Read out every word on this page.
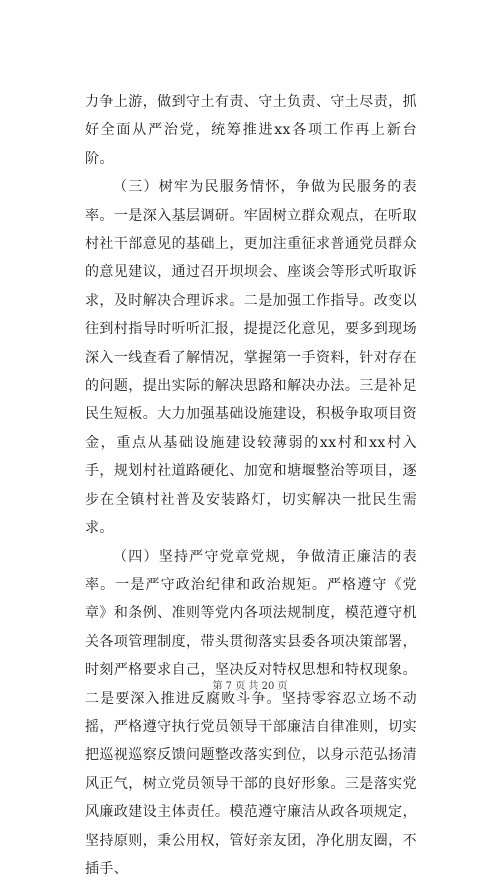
力争上游，做到守土有责、守土负责、守土尽责，抓好全面从严治党，统筹推进xx各项工作再上新台阶。

（三）树牢为民服务情怀，争做为民服务的表率。一是深入基层调研。牢固树立群众观点，在听取村社干部意见的基础上，更加注重征求普通党员群众的意见建议，通过召开坝坝会、座谈会等形式听取诉求，及时解决合理诉求。二是加强工作指导。改变以往到村指导时听听汇报，提提泛化意见，要多到现场深入一线查看了解情况，掌握第一手资料，针对存在的问题，提出实际的解决思路和解决办法。三是补足民生短板。大力加强基础设施建设，积极争取项目资金，重点从基础设施建设较薄弱的xx村和xx村入手，规划村社道路硬化、加宽和塘堰整治等项目，逐步在全镇村社普及安装路灯，切实解决一批民生需求。

（四）坚持严守党章党规，争做清正廉洁的表率。一是严守政治纪律和政治规矩。严格遵守《党章》和条例、准则等党内各项法规制度，模范遵守机关各项管理制度，带头贯彻落实县委各项决策部署，时刻严格要求自己，坚决反对特权思想和特权现象。二是要深入推进反腐败斗争。坚持零容忍立场不动摇，严格遵守执行党员领导干部廉洁自律准则，切实把巡视巡察反馈问题整改落实到位，以身示范弘扬清风正气，树立党员领导干部的良好形象。三是落实党风廉政建设主体责任。模范遵守廉洁从政各项规定，坚持原则，秉公用权，管好亲友团，净化朋友圈，不插手、

第 7 页 共 20 页
